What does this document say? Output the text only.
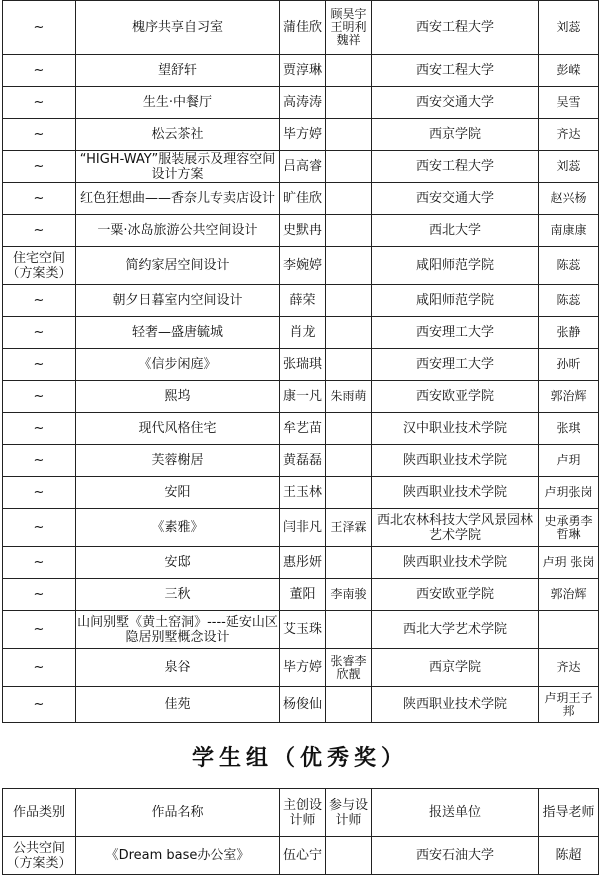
~	槐序共享自习室	蒲佳欣	顾昊宇王明利魏祥	西安工程大学	刘蕊
~	望舒轩	贾淳琳		西安工程大学	彭嵘
~	生生·中餐厅	高涛涛		西安交通大学	吴雪
~	松云茶社	毕方婷		西京学院	齐达
~	“HIGH-WAY”服装展示及理容空间设计方案	吕高睿		西安工程大学	刘蕊
~	红色狂想曲——香奈儿专卖店设计	旷佳欣		西安交通大学	赵兴杨
~	一粟·冰岛旅游公共空间设计	史默冉		西北大学	南康康
住宅空间（方案类）	简约家居空间设计	李婉婷		咸阳师范学院	陈蕊
~	朝夕日暮室内空间设计	薛荣		咸阳师范学院	陈蕊
~	轻奢—盛唐毓城	肖龙		西安理工大学	张静
~	《信步闲庭》	张瑞琪		西安理工大学	孙昕
~	熙坞	康一凡	朱雨萌	西安欧亚学院	郭治辉
~	现代风格住宅	牟艺苗		汉中职业技术学院	张琪
~	芙蓉榭居	黄磊磊		陕西职业技术学院	卢玥
~	安阳	王玉林		陕西职业技术学院	卢玥张岗
~	《素雅》	闫非凡	王泽霖	西北农林科技大学风景园林艺术学院	史承勇李哲琳
~	安邸	惠彤妍		陕西职业技术学院	卢玥 张岗
~	三秋	董阳	李南骏	西安欧亚学院	郭治辉
~	山间别墅《黄土窑洞》----延安山区隐居别墅概念设计	艾玉珠		西北大学艺术学院	
~	泉谷	毕方婷	张睿李欣靓	西京学院	齐达
~	佳苑	杨俊仙		陕西职业技术学院	卢玥王子邦
学生组（优秀奖）
作品类别	作品名称	主创设计师	参与设计师	报送单位	指导老师
公共空间（方案类）	《Dream base办公室》	伍心宁		西安石油大学	陈超
